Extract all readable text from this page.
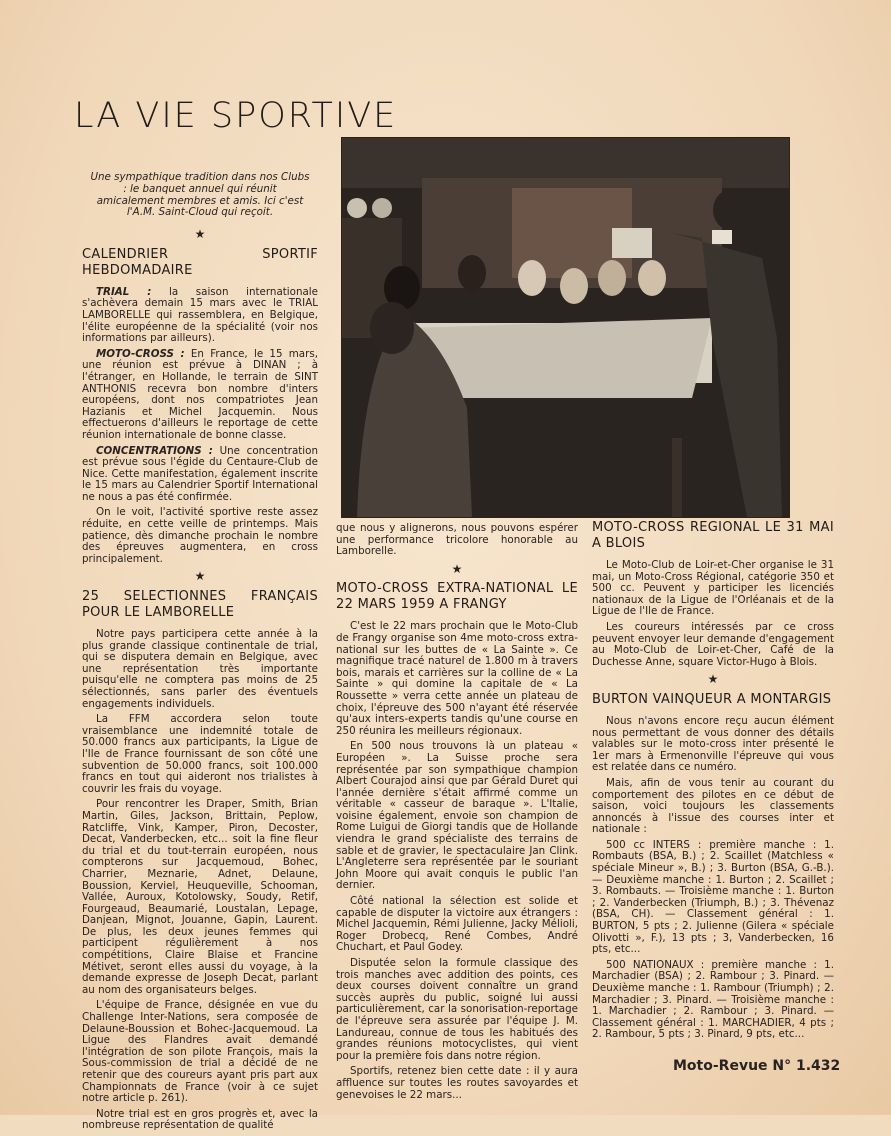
LA VIE SPORTIVE
Une sympathique tradition dans nos Clubs : le banquet annuel qui réunit amicalement membres et amis. Ici c'est l'A.M. Saint-Cloud qui reçoit.
★
CALENDRIER SPORTIF HEBDOMADAIRE

TRIAL : la saison internationale s'achèvera demain 15 mars avec le TRIAL LAMBORELLE qui rassemblera, en Belgique, l'élite européenne de la spécialité (voir nos informations par ailleurs).

MOTO-CROSS : En France, le 15 mars, une réunion est prévue à DINAN ; à l'étranger, en Hollande, le terrain de SINT ANTHONIS recevra bon nombre d'inters européens, dont nos compatriotes Jean Hazianis et Michel Jacquemin. Nous effectuerons d'ailleurs le reportage de cette réunion internationale de bonne classe.

CONCENTRATIONS : Une concentration est prévue sous l'égide du Centaure-Club de Nice. Cette manifestation, également inscrite le 15 mars au Calendrier Sportif International ne nous a pas été confirmée.

On le voit, l'activité sportive reste assez réduite, en cette veille de printemps. Mais patience, dès dimanche prochain le nombre des épreuves augmentera, en cross principalement.

★
25 SELECTIONNES FRANÇAIS POUR LE LAMBORELLE

Notre pays participera cette année à la plus grande classique continentale de trial, qui se disputera demain en Belgique, avec une représentation très importante puisqu'elle ne comptera pas moins de 25 sélectionnés, sans parler des éventuels engagements individuels.

La FFM accordera selon toute vraisemblance une indemnité totale de 50.000 francs aux participants, la Ligue de l'Ile de France fournissant de son côté une subvention de 50.000 francs, soit 100.000 francs en tout qui aideront nos trialistes à couvrir les frais du voyage.

Pour rencontrer les Draper, Smith, Brian Martin, Giles, Jackson, Brittain, Peplow, Ratcliffe, Vink, Kamper, Piron, Decoster, Decat, Vanderbecken, etc... soit la fine fleur du trial et du tout-terrain européen, nous compterons sur Jacquemoud, Bohec, Charrier, Meznarie, Adnet, Delaune, Boussion, Kerviel, Heuqueville, Schooman, Vallée, Auroux, Kotolowsky, Soudy, Retif, Fourgeaud, Beaumarié, Loustalan, Lepage, Danjean, Mignot, Jouanne, Gapin, Laurent. De plus, les deux jeunes femmes qui participent régulièrement à nos compétitions, Claire Blaise et Francine Métivet, seront elles aussi du voyage, à la demande expresse de Joseph Decat, parlant au nom des organisateurs belges.

L'équipe de France, désignée en vue du Challenge Inter-Nations, sera composée de Delaune-Boussion et Bohec-Jacquemoud. La Ligue des Flandres avait demandé l'intégration de son pilote François, mais la Sous-commission de trial a décidé de ne retenir que des coureurs ayant pris part aux Championnats de France (voir à ce sujet notre article p. 261).

Notre trial est en gros progrès et, avec la nombreuse représentation de qualité

que nous y alignerons, nous pouvons espérer une performance tricolore honorable au Lamborelle.

★
MOTO-CROSS EXTRA-NATIONAL LE 22 MARS 1959 A FRANGY

C'est le 22 mars prochain que le Moto-Club de Frangy organise son 4me moto-cross extra-national sur les buttes de « La Sainte ». Ce magnifique tracé naturel de 1.800 m à travers bois, marais et carrières sur la colline de « La Sainte » qui domine la capitale de « La Roussette » verra cette année un plateau de choix, l'épreuve des 500 n'ayant été réservée qu'aux inters-experts tandis qu'une course en 250 réunira les meilleurs régionaux.

En 500 nous trouvons là un plateau « Européen ». La Suisse proche sera représentée par son sympathique champion Albert Courajod ainsi que par Gérald Duret qui l'année dernière s'était affirmé comme un véritable « casseur de baraque ». L'Italie, voisine également, envoie son champion de Rome Luigui de Giorgi tandis que de Hollande viendra le grand spécialiste des terrains de sable et de gravier, le spectaculaire Jan Clink. L'Angleterre sera représentée par le souriant John Moore qui avait conquis le public l'an dernier.

Côté national la sélection est solide et capable de disputer la victoire aux étrangers : Michel Jacquemin, Rémi Julienne, Jacky Mélioli, Roger Drobecq, René Combes, André Chuchart, et Paul Godey.

Disputée selon la formule classique des trois manches avec addition des points, ces deux courses doivent connaître un grand succès auprès du public, soigné lui aussi particulièrement, car la sonorisation-reportage de l'épreuve sera assurée par l'équipe J. M. Landureau, connue de tous les habitués des grandes réunions motocyclistes, qui vient pour la première fois dans notre région.

Sportifs, retenez bien cette date : il y aura affluence sur toutes les routes savoyardes et genevoises le 22 mars...

MOTO-CROSS REGIONAL LE 31 MAI A BLOIS

Le Moto-Club de Loir-et-Cher organise le 31 mai, un Moto-Cross Régional, catégorie 350 et 500 cc. Peuvent y participer les licenciés nationaux de la Ligue de l'Orléanais et de la Ligue de l'Ile de France.

Les coureurs intéressés par ce cross peuvent envoyer leur demande d'engagement au Moto-Club de Loir-et-Cher, Café de la Duchesse Anne, square Victor-Hugo à Blois.

★
BURTON VAINQUEUR A MONTARGIS

Nous n'avons encore reçu aucun élément nous permettant de vous donner des détails valables sur le moto-cross inter présenté le 1er mars à Ermenonville l'épreuve qui vous est relatée dans ce numéro.

Mais, afin de vous tenir au courant du comportement des pilotes en ce début de saison, voici toujours les classements annoncés à l'issue des courses inter et nationale :

500 cc INTERS : première manche : 1. Rombauts (BSA, B.) ; 2. Scaillet (Matchless « spéciale Mineur », B.) ; 3. Burton (BSA, G.-B.). — Deuxième manche : 1. Burton ; 2. Scaillet ; 3. Rombauts. — Troisième manche : 1. Burton ; 2. Vanderbecken (Triumph, B.) ; 3. Thévenaz (BSA, CH). — Classement général : 1. BURTON, 5 pts ; 2. Julienne (Gilera « spéciale Olivotti », F.), 13 pts ; 3, Vanderbecken, 16 pts, etc...

500 NATIONAUX : première manche : 1. Marchadier (BSA) ; 2. Rambour ; 3. Pinard. — Deuxième manche : 1. Rambour (Triumph) ; 2. Marchadier ; 3. Pinard. — Troisième manche : 1. Marchadier ; 2. Rambour ; 3. Pinard. — Classement général : 1. MARCHADIER, 4 pts ; 2. Rambour, 5 pts ; 3. Pinard, 9 pts, etc...

Moto-Revue N° 1.432
